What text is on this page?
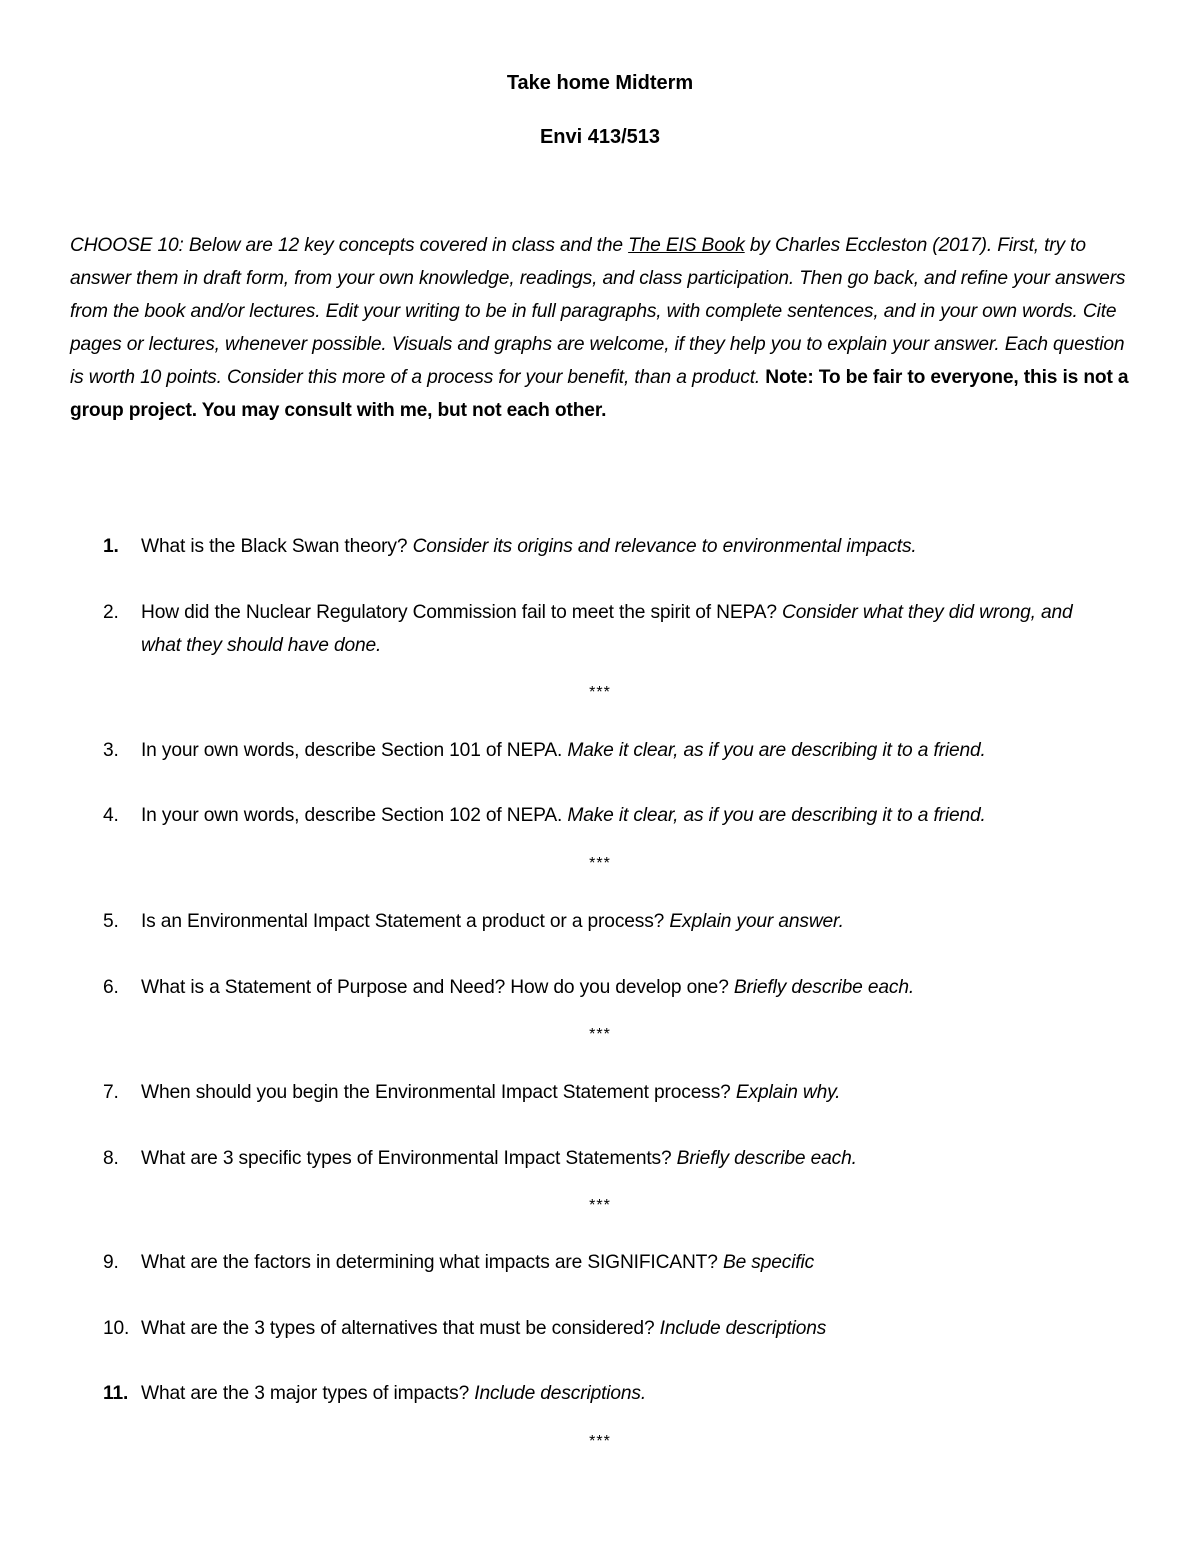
Take home Midterm
Envi 413/513
CHOOSE 10: Below are 12 key concepts covered in class and the The EIS Book by Charles Eccleston (2017). First, try to answer them in draft form, from your own knowledge, readings, and class participation. Then go back, and refine your answers from the book and/or lectures. Edit your writing to be in full paragraphs, with complete sentences, and in your own words. Cite pages or lectures, whenever possible. Visuals and graphs are welcome, if they help you to explain your answer. Each question is worth 10 points. Consider this more of a process for your benefit, than a product. Note: To be fair to everyone, this is not a group project. You may consult with me, but not each other.
1.	What is the Black Swan theory? Consider its origins and relevance to environmental impacts.
2.	How did the Nuclear Regulatory Commission fail to meet the spirit of NEPA? Consider what they did wrong, and what they should have done.
***
3.	In your own words, describe Section 101 of NEPA. Make it clear, as if you are describing it to a friend.
4.	In your own words, describe Section 102 of NEPA. Make it clear, as if you are describing it to a friend.
***
5.	Is an Environmental Impact Statement a product or a process? Explain your answer.
6.	What is a Statement of Purpose and Need? How do you develop one? Briefly describe each.
***
7.	When should you begin the Environmental Impact Statement process? Explain why.
8.	What are 3 specific types of Environmental Impact Statements? Briefly describe each.
***
9.	What are the factors in determining what impacts are SIGNIFICANT? Be specific
10. What are the 3 types of alternatives that must be considered? Include descriptions
11. What are the 3 major types of impacts? Include descriptions.
***
